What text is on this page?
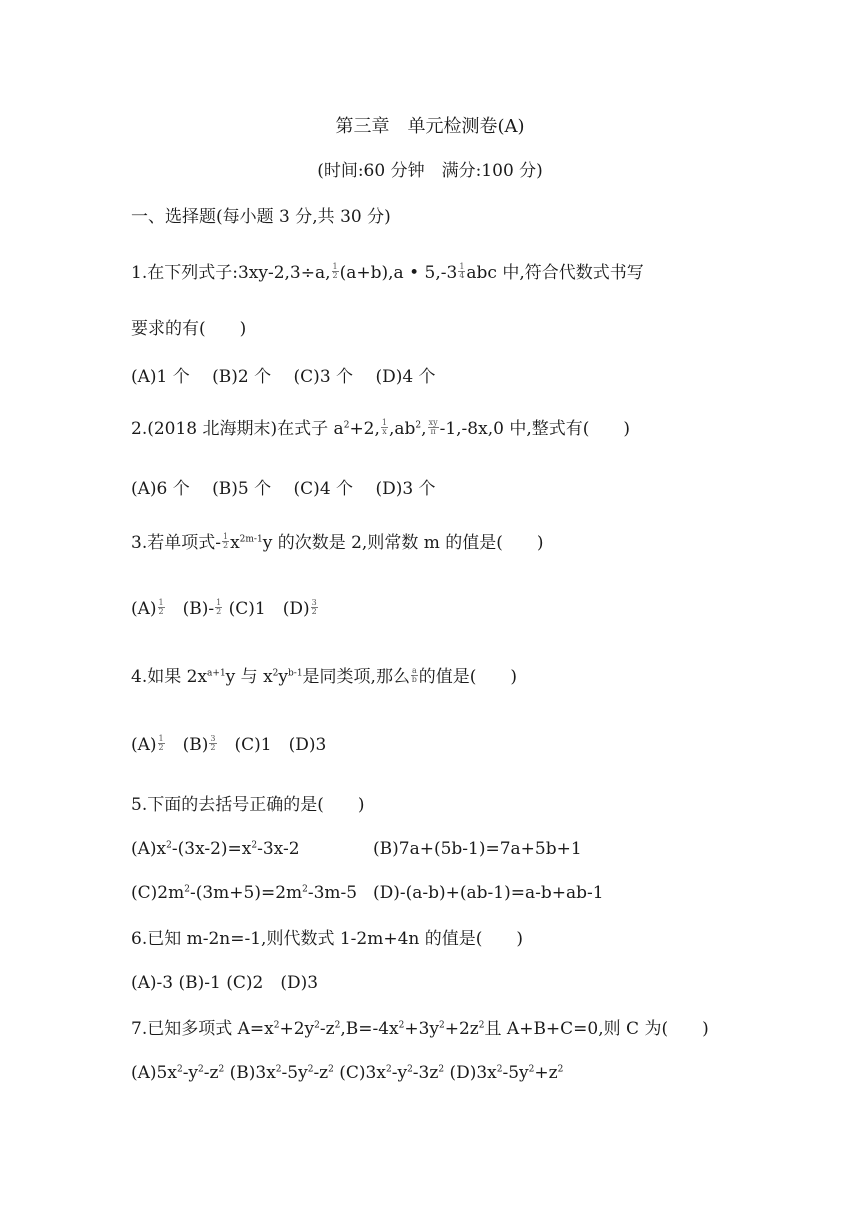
第三章　单元检测卷(A)
(时间:60 分钟　满分:100 分)
一、选择题(每小题 3 分,共 30 分)
1.在下列式子:3xy-2,3÷a, $\frac{1}{2} (a+b),a$ • $5,-3 \frac{1}{4}$ abc 中,符合代数式书写
要求的有(　　)
(A)1 个　 (B)2 个　 (C)3 个　 (D)4 个
2.(2018 北海期末)在式子 $a^2+2$, $\frac{1}{x} ,ab^2$, $\frac{xy}{\pi} -1,-8x,0$ 中,整式有(　　)
(A)6 个　 (B)5 个　 (C)4 个　 (D)3 个
3.若单项式- $\frac{1}{2} x^{2m-1}y$ 的次数是 2,则常数 m 的值是(　　)
$(A) \frac{1}{2}$ 　$(B)- \frac{1}{2} (C)1$　$(D) \frac{3}{2}$
4.如果 $2x^{a+1}y$ 与 $x^2y^{b-1}$是同类项,那么 $\frac{a}{b}$ 的值是(　　)
$(A) \frac{1}{2}$ 　$(B) \frac{3}{2}$ 　(C)1　(D)3
5.下面的去括号正确的是(　　)
$(A)x^2-(3x-2)=x^2-3x-2$	(B)7a+(5b-1)=7a+5b+1
$(C)2m^2-(3m+5)=2m^2-3m-5$ (D)-(a-b)+(ab-1)=a-b+ab-1
6.已知 m-2n=-1,则代数式 1-2m+4n 的值是(　　)
(A)-3 (B)-1 (C)2　(D)3
7.已知多项式 $A=x^2+2y^2-z^2,B=-4x^2+3y^2+2z^2$且 A+B+C=0,则 C 为(　　)
$(A)5x^2-y^2-z^2$ $(B)3x^2-5y^2-z^2$ $(C)3x^2-y^2-3z^2$ $(D)3x^2-5y^2+z^2$
